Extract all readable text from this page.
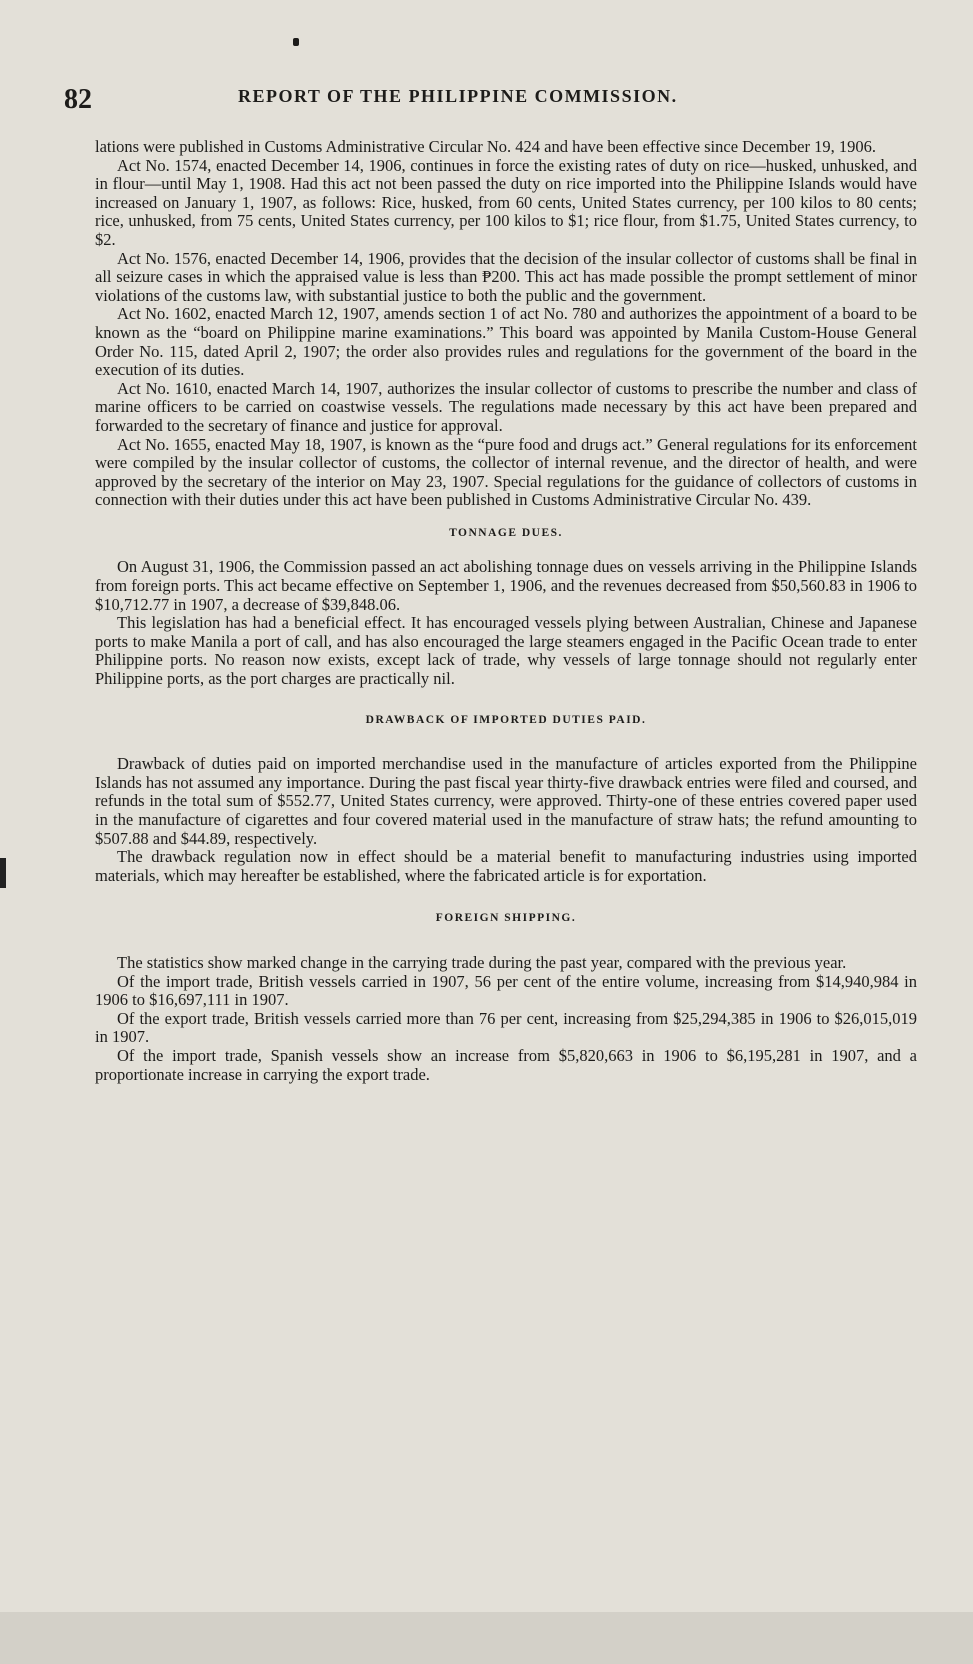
82	REPORT OF THE PHILIPPINE COMMISSION.

lations were published in Customs Administrative Circular No. 424 and have been effective since December 19, 1906.

Act No. 1574, enacted December 14, 1906, continues in force the existing rates of duty on rice—husked, unhusked, and in flour—until May 1, 1908. Had this act not been passed the duty on rice imported into the Philippine Islands would have increased on January 1, 1907, as follows: Rice, husked, from 60 cents, United States currency, per 100 kilos to 80 cents; rice, unhusked, from 75 cents, United States currency, per 100 kilos to $1; rice flour, from $1.75, United States currency, to $2.

Act No. 1576, enacted December 14, 1906, provides that the decision of the insular collector of customs shall be final in all seizure cases in which the appraised value is less than ₱200. This act has made possible the prompt settlement of minor violations of the customs law, with substantial justice to both the public and the government.

Act No. 1602, enacted March 12, 1907, amends section 1 of act No. 780 and authorizes the appointment of a board to be known as the “board on Philippine marine examinations.” This board was appointed by Manila Custom-House General Order No. 115, dated April 2, 1907; the order also provides rules and regulations for the government of the board in the execution of its duties.

Act No. 1610, enacted March 14, 1907, authorizes the insular collector of customs to prescribe the number and class of marine officers to be carried on coastwise vessels. The regulations made necessary by this act have been prepared and forwarded to the secretary of finance and justice for approval.

Act No. 1655, enacted May 18, 1907, is known as the “pure food and drugs act.” General regulations for its enforcement were compiled by the insular collector of customs, the collector of internal revenue, and the director of health, and were approved by the secretary of the interior on May 23, 1907. Special regulations for the guidance of collectors of customs in connection with their duties under this act have been published in Customs Administrative Circular No. 439.

TONNAGE DUES.

On August 31, 1906, the Commission passed an act abolishing tonnage dues on vessels arriving in the Philippine Islands from foreign ports. This act became effective on September 1, 1906, and the revenues decreased from $50,560.83 in 1906 to $10,712.77 in 1907, a decrease of $39,848.06.

This legislation has had a beneficial effect. It has encouraged vessels plying between Australian, Chinese and Japanese ports to make Manila a port of call, and has also encouraged the large steamers engaged in the Pacific Ocean trade to enter Philippine ports. No reason now exists, except lack of trade, why vessels of large tonnage should not regularly enter Philippine ports, as the port charges are practically nil.

DRAWBACK OF IMPORTED DUTIES PAID.

Drawback of duties paid on imported merchandise used in the manufacture of articles exported from the Philippine Islands has not assumed any importance. During the past fiscal year thirty-five drawback entries were filed and coursed, and refunds in the total sum of $552.77, United States currency, were approved. Thirty-one of these entries covered paper used in the manufacture of cigarettes and four covered material used in the manufacture of straw hats; the refund amounting to $507.88 and $44.89, respectively.

The drawback regulation now in effect should be a material benefit to manufacturing industries using imported materials, which may hereafter be established, where the fabricated article is for exportation.

FOREIGN SHIPPING.

The statistics show marked change in the carrying trade during the past year, compared with the previous year.

Of the import trade, British vessels carried in 1907, 56 per cent of the entire volume, increasing from $14,940,984 in 1906 to $16,697,111 in 1907.

Of the export trade, British vessels carried more than 76 per cent, increasing from $25,294,385 in 1906 to $26,015,019 in 1907.

Of the import trade, Spanish vessels show an increase from $5,820,663 in 1906 to $6,195,281 in 1907, and a proportionate increase in carrying the export trade.
